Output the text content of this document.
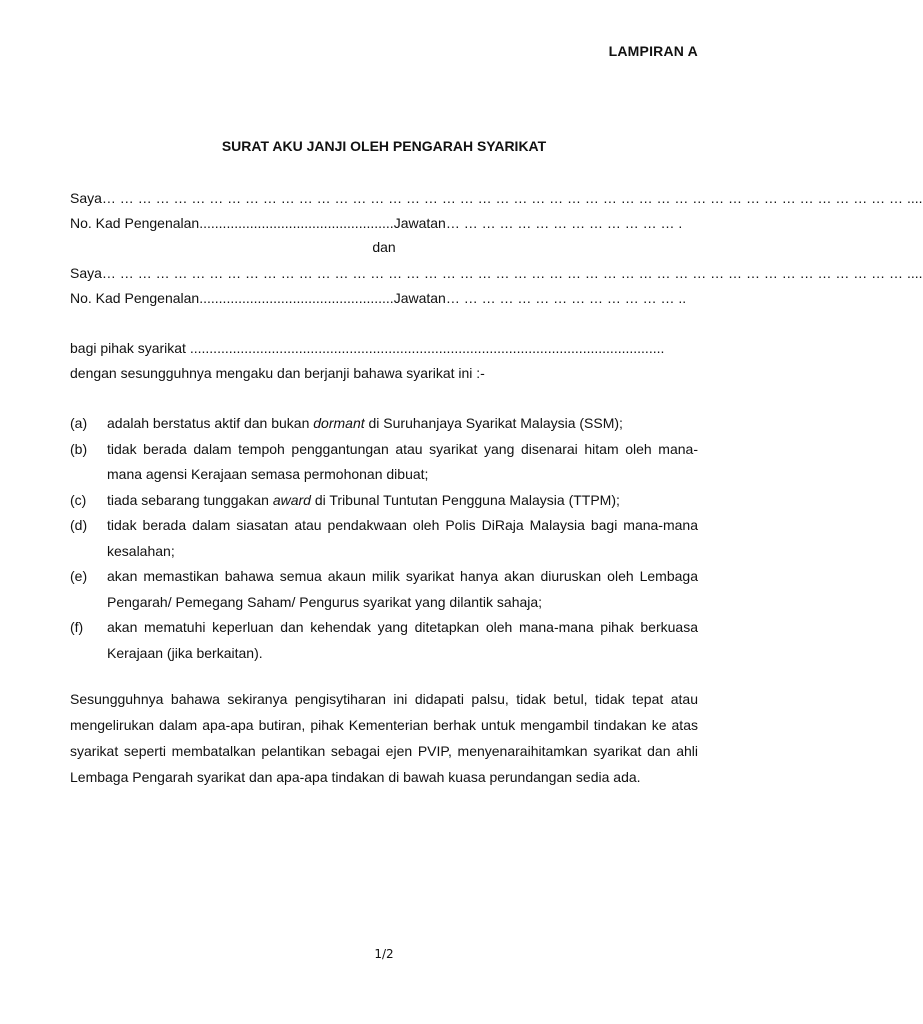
LAMPIRAN A
SURAT AKU JANJI OLEH PENGARAH SYARIKAT
Saya… … … … … … … … … … … … … … … … … … … … … … … … … … … … … … … … … … … … … … … … … … … … … ....
No. Kad Pengenalan..................................................Jawatan… … … … … … … … … … … … … .
dan
Saya… … … … … … … … … … … … … … … … … … … … … … … … … … … … … … … … … … … … … … … … … … … … … ....
No. Kad Pengenalan..................................................Jawatan… … … … … … … … … … … … … ..
bagi pihak syarikat ..........................................................................................................................
dengan sesungguhnya mengaku dan berjanji bahawa syarikat ini :-
(a)	adalah berstatus aktif dan bukan dormant di Suruhanjaya Syarikat Malaysia (SSM);
(b)	tidak berada dalam tempoh penggantungan atau syarikat yang disenarai hitam oleh mana-mana agensi Kerajaan semasa permohonan dibuat;
(c)	tiada sebarang tunggakan award di Tribunal Tuntutan Pengguna Malaysia (TTPM);
(d)	tidak berada dalam siasatan atau pendakwaan oleh Polis DiRaja Malaysia bagi mana-mana kesalahan;
(e)	akan memastikan bahawa semua akaun milik syarikat hanya akan diuruskan oleh Lembaga Pengarah/ Pemegang Saham/ Pengurus syarikat yang dilantik sahaja;
(f)	akan mematuhi keperluan dan kehendak yang ditetapkan oleh mana-mana pihak berkuasa Kerajaan (jika berkaitan).
Sesungguhnya bahawa sekiranya pengisytiharan ini didapati palsu, tidak betul, tidak tepat atau mengelirukan dalam apa-apa butiran, pihak Kementerian berhak untuk mengambil tindakan ke atas syarikat seperti membatalkan pelantikan sebagai ejen PVIP, menyenaraihitamkan syarikat dan ahli Lembaga Pengarah syarikat dan apa-apa tindakan di bawah kuasa perundangan sedia ada.
1/2
